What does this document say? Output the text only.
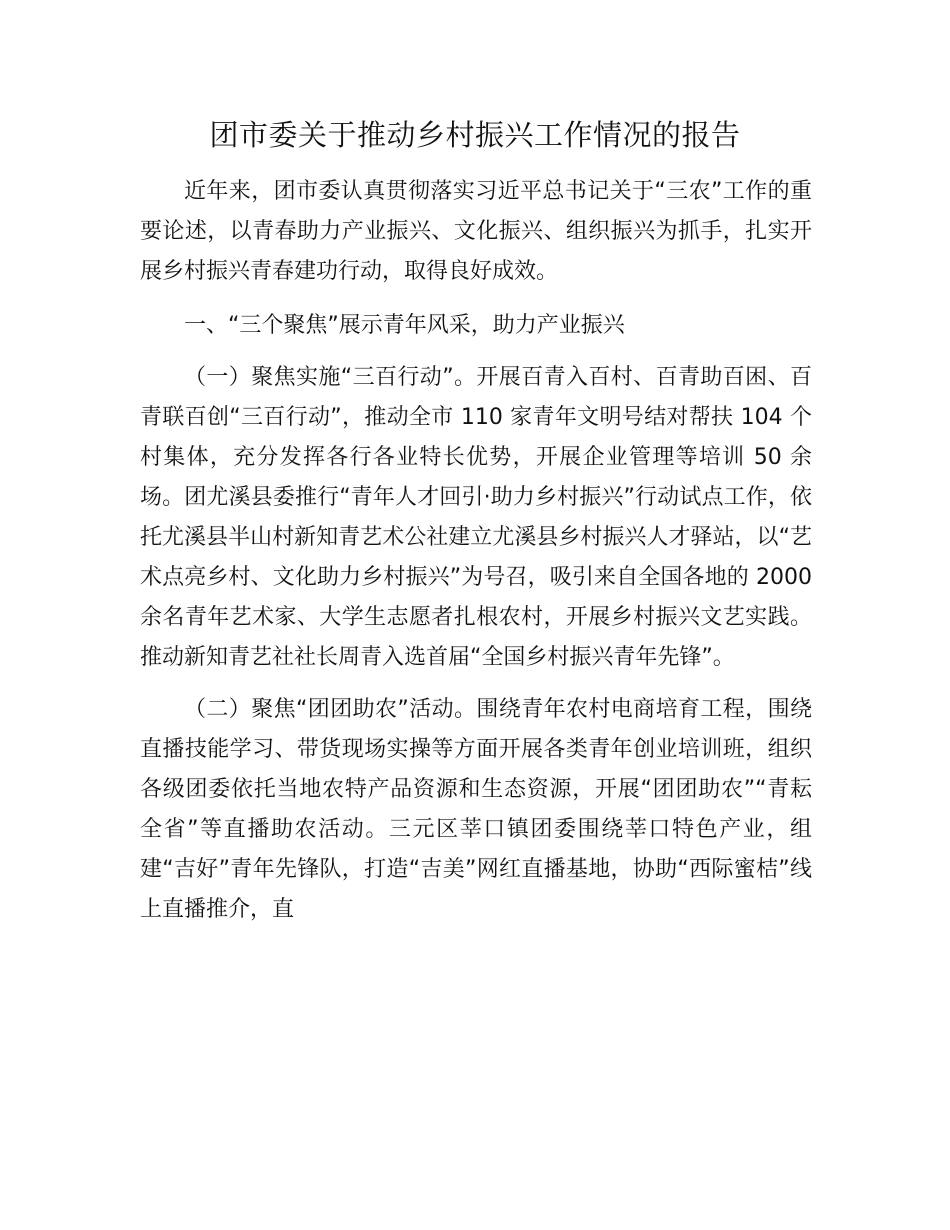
团市委关于推动乡村振兴工作情况的报告

近年来，团市委认真贯彻落实习近平总书记关于“三农”工作的重要论述，以青春助力产业振兴、文化振兴、组织振兴为抓手，扎实开展乡村振兴青春建功行动，取得良好成效。

一、“三个聚焦”展示青年风采，助力产业振兴

（一）聚焦实施“三百行动”。开展百青入百村、百青助百困、百青联百创“三百行动”，推动全市 110 家青年文明号结对帮扶 104 个村集体，充分发挥各行各业特长优势，开展企业管理等培训 50 余场。团尤溪县委推行“青年人才回引·助力乡村振兴”行动试点工作，依托尤溪县半山村新知青艺术公社建立尤溪县乡村振兴人才驿站，以“艺术点亮乡村、文化助力乡村振兴”为号召，吸引来自全国各地的 2000 余名青年艺术家、大学生志愿者扎根农村，开展乡村振兴文艺实践。推动新知青艺社社长周青入选首届“全国乡村振兴青年先锋”。

（二）聚焦“团团助农”活动。围绕青年农村电商培育工程，围绕直播技能学习、带货现场实操等方面开展各类青年创业培训班，组织各级团委依托当地农特产品资源和生态资源，开展“团团助农”“青耘全省”等直播助农活动。三元区莘口镇团委围绕莘口特色产业，组建“吉好”青年先锋队，打造“吉美”网红直播基地，协助“西际蜜桔”线上直播推介，直
